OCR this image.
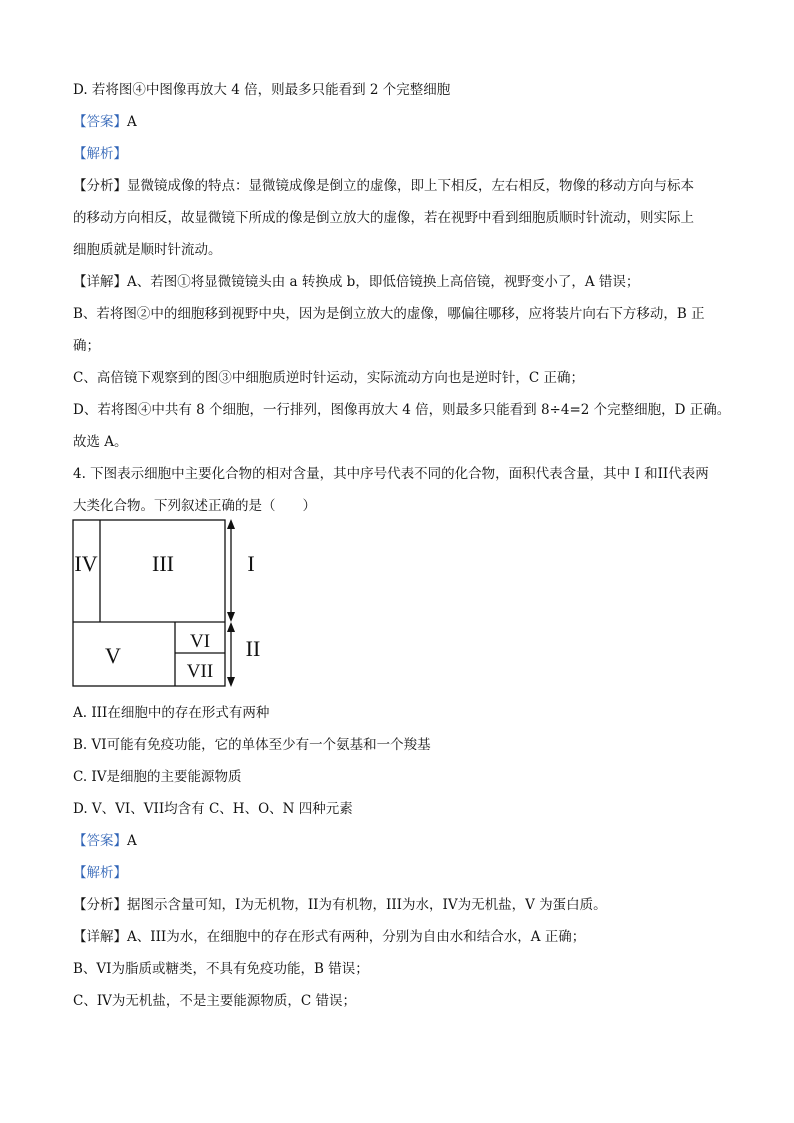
D. 若将图④中图像再放大 4 倍，则最多只能看到 2 个完整细胞
【答案】A
【解析】
【分析】显微镜成像的特点：显微镜成像是倒立的虚像，即上下相反，左右相反，物像的移动方向与标本
的移动方向相反，故显微镜下所成的像是倒立放大的虚像，若在视野中看到细胞质顺时针流动，则实际上
细胞质就是顺时针流动。
【详解】A、若图①将显微镜镜头由 a 转换成 b，即低倍镜换上高倍镜，视野变小了，A 错误；
B、若将图②中的细胞移到视野中央，因为是倒立放大的虚像，哪偏往哪移，应将装片向右下方移动，B 正
确；
C、高倍镜下观察到的图③中细胞质逆时针运动，实际流动方向也是逆时针，C 正确；
D、若将图④中共有 8 个细胞，一行排列，图像再放大 4 倍，则最多只能看到 8÷4=2 个完整细胞，D 正确。
故选 A。
4. 下图表示细胞中主要化合物的相对含量，其中序号代表不同的化合物，面积代表含量，其中 I 和II代表两
大类化合物。下列叙述正确的是（　　）
IV III
V
VI
VII
I
II
A. III在细胞中的存在形式有两种
B. VI可能有免疫功能，它的单体至少有一个氨基和一个羧基
C. IV是细胞的主要能源物质
D. V、VI、VII均含有 C、H、O、N 四种元素
【答案】A
【解析】
【分析】据图示含量可知，I为无机物，II为有机物，III为水，IV为无机盐，V 为蛋白质。
【详解】A、III为水，在细胞中的存在形式有两种，分别为自由水和结合水，A 正确；
B、VI为脂质或糖类，不具有免疫功能，B 错误；
C、IV为无机盐，不是主要能源物质，C 错误；
